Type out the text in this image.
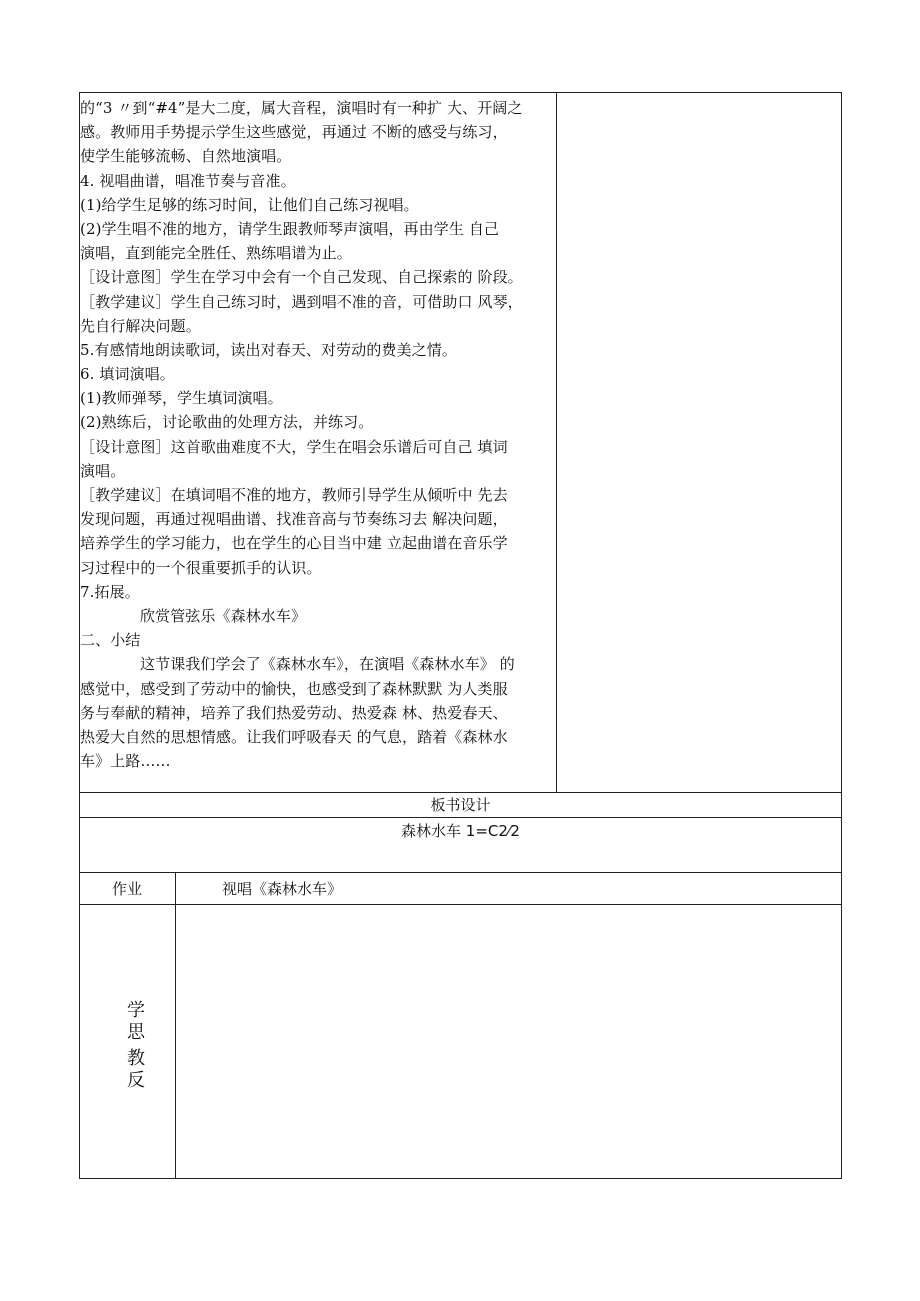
的“3 〃到“#4”是大二度，属大音程，演唱时有一种扩 大、开阔之
感。教师用手势提示学生这些感觉，再通过 不断的感受与练习，
使学生能够流畅、自然地演唱。
4. 视唱曲谱，唱准节奏与音准。
(1)给学生足够的练习时间，让他们自己练习视唱。
(2)学生唱不准的地方，请学生跟教师琴声演唱，再由学生 自己
演唱，直到能完全胜任、熟练唱谱为止。
［设计意图］学生在学习中会有一个自己发现、自己探索的 阶段。
［教学建议］学生自己练习时，遇到唱不准的音，可借助口 风琴，
先自行解决问题。
5.有感情地朗读歌词，读出对春天、对劳动的费美之情。
6. 填词演唱。
(1)教师弹琴，学生填词演唱。
(2)熟练后，讨论歌曲的处理方法，并练习。
［设计意图］这首歌曲难度不大，学生在唱会乐谱后可自己 填词
演唱。
［教学建议］在填词唱不准的地方，教师引导学生从倾听中 先去
发现问题，再通过视唱曲谱、找准音高与节奏练习去 解决问题，
培养学生的学习能力，也在学生的心目当中建 立起曲谱在音乐学
习过程中的一个很重要抓手的认识。
7.拓展。
欣赏管弦乐《森林水车》
二、小结
这节课我们学会了《森林水车》，在演唱《森林水车》 的
感觉中，感受到了劳动中的愉快，也感受到了森林默默 为人类服
务与奉献的精神，培养了我们热爱劳动、热爱森 林、热爱春天、
热爱大自然的思想情感。让我们呼吸春天 的气息，踏着《森林水
车》上路……
板书设计
森林水车 1=C2⁄2
作业	视唱《森林水车》
学
思
教
反
